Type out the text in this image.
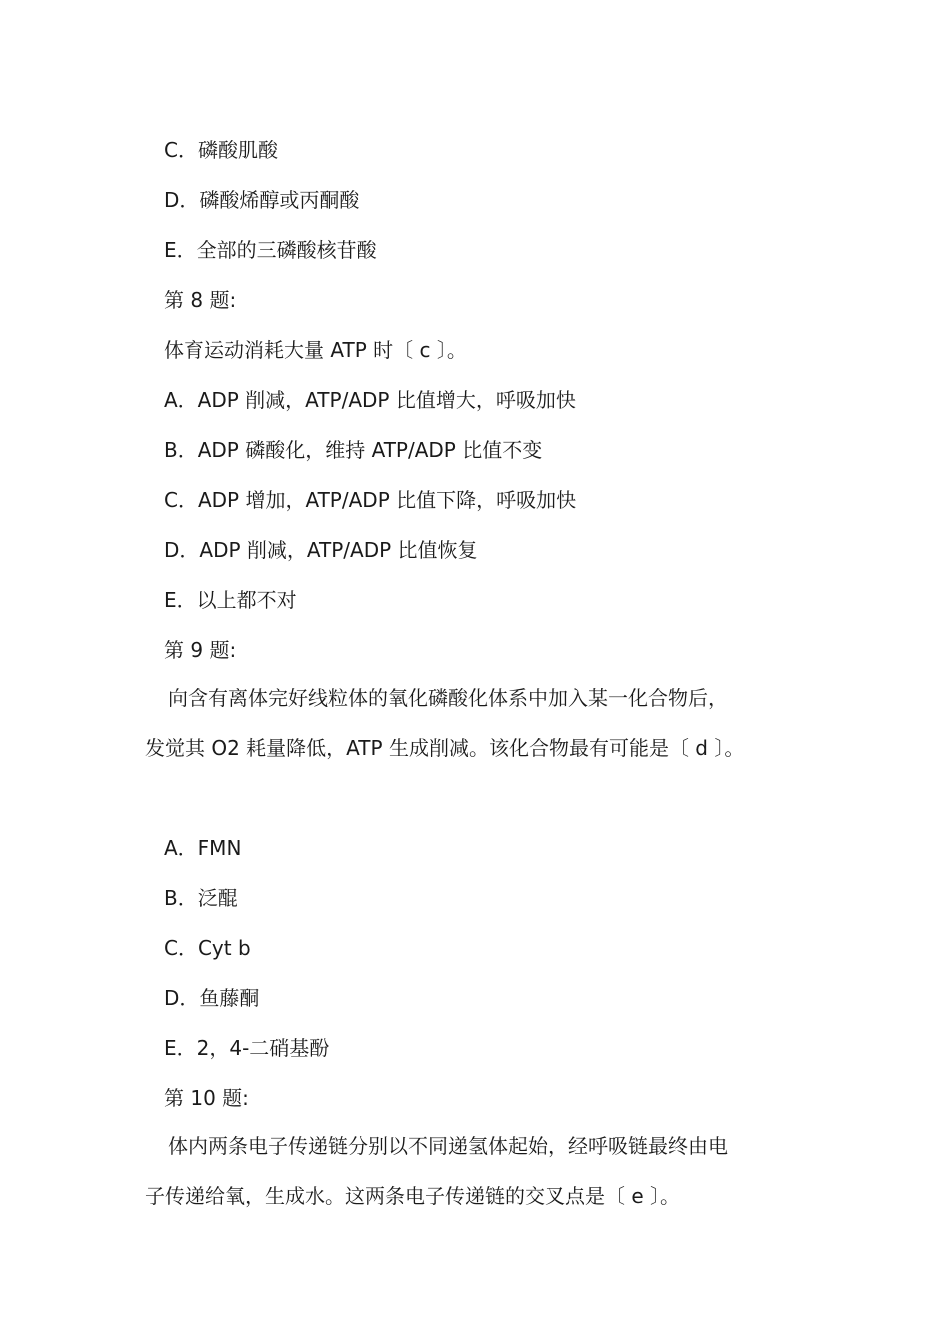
C．磷酸肌酸
D．磷酸烯醇或丙酮酸
E．全部的三磷酸核苷酸
第 8 题:
体育运动消耗大量 ATP 时〔 c 〕。
A．ADP 削减，ATP/ADP 比值增大，呼吸加快
B．ADP 磷酸化，维持 ATP/ADP 比值不变
C．ADP 增加，ATP/ADP 比值下降，呼吸加快
D．ADP 削减，ATP/ADP 比值恢复
E．以上都不对
第 9 题:
向含有离体完好线粒体的氧化磷酸化体系中加入某一化合物后，
发觉其 O2 耗量降低，ATP 生成削减。该化合物最有可能是〔 d 〕。
A．FMN
B．泛醌
C．Cyt b
D．鱼藤酮
E．2，4-二硝基酚
第 10 题:
体内两条电子传递链分别以不同递氢体起始，经呼吸链最终由电
子传递给氧，生成水。这两条电子传递链的交叉点是〔 e 〕。
